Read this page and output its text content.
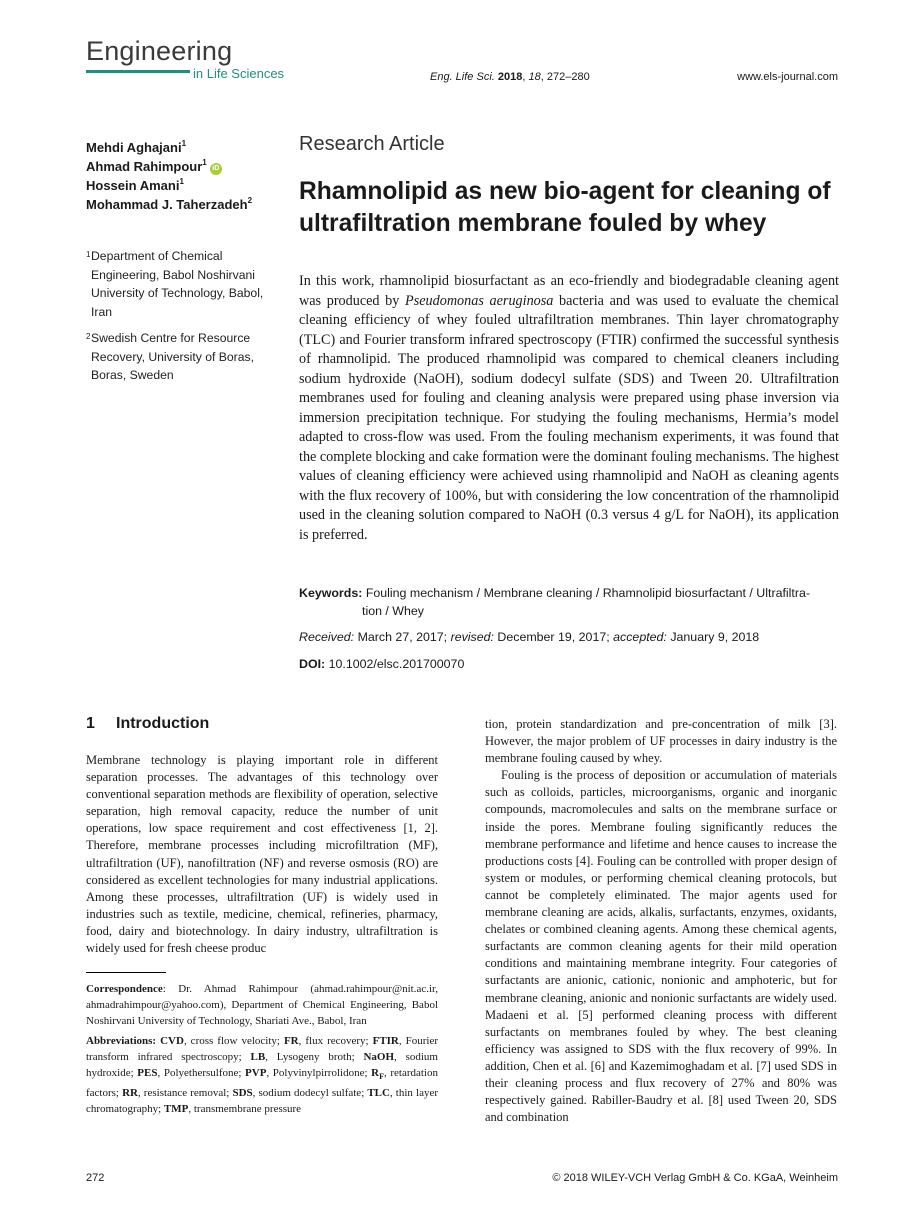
Engineering
in Life Sciences	Eng. Life Sci. 2018, 18, 272–280	www.els-journal.com
Mehdi Aghajani$^1$
Ahmad Rahimpour$^1$iD
Hossein Amani$^1$
Mohammad J. Taherzadeh$^2$
1 Department of Chemical Engineering, Babol Noshirvani University of Technology, Babol, Iran
2 Swedish Centre for Resource Recovery, University of Boras, Boras, Sweden
Research Article
Rhamnolipid as new bio-agent for cleaning of ultrafiltration membrane fouled by whey
In this work, rhamnolipid biosurfactant as an eco-friendly and biodegradable cleaning agent was produced by Pseudomonas aeruginosa bacteria and was used to evaluate the chemical cleaning efficiency of whey fouled ultrafiltration membranes. Thin layer chromatography (TLC) and Fourier transform infrared spectroscopy (FTIR) confirmed the successful synthesis of rhamnolipid. The produced rhamnolipid was compared to chemical cleaners including sodium hydroxide (NaOH), sodium dodecyl sulfate (SDS) and Tween 20. Ultrafiltration membranes used for fouling and cleaning analysis were prepared using phase inversion via immersion precipitation technique. For studying the fouling mechanisms, Hermia’s model adapted to cross-flow was used. From the fouling mechanism experiments, it was found that the complete blocking and cake formation were the dominant fouling mechanisms. The highest values of cleaning efficiency were achieved using rhamnolipid and NaOH as cleaning agents with the flux recovery of 100%, but with considering the low concentration of the rhamnolipid used in the cleaning solution compared to NaOH (0.3 versus 4 g/L for NaOH), its application is preferred.
Keywords: Fouling mechanism / Membrane cleaning / Rhamnolipid biosurfactant / Ultrafiltra-
tion / Whey
Received: March 27, 2017; revised: December 19, 2017; accepted: January 9, 2018
DOI: 10.1002/elsc.201700070
1 Introduction

Membrane technology is playing important role in different separation processes. The advantages of this technology over conventional separation methods are flexibility of operation, selective separation, high removal capacity, reduce the number of unit operations, low space requirement and cost effectiveness [1, 2]. Therefore, membrane processes including microfiltration (MF), ultrafiltration (UF), nanofiltration (NF) and reverse osmosis (RO) are considered as excellent technologies for many industrial applications. Among these processes, ultrafiltration (UF) is widely used in industries such as textile, medicine, chemical, refineries, pharmacy, food, dairy and biotechnology. In dairy industry, ultrafiltration is widely used for fresh cheese produc

tion, protein standardization and pre-concentration of milk [3]. However, the major problem of UF processes in dairy industry is the membrane fouling caused by whey.

Fouling is the process of deposition or accumulation of materials such as colloids, particles, microorganisms, organic and inorganic compounds, macromolecules and salts on the membrane surface or inside the pores. Membrane fouling significantly reduces the membrane performance and lifetime and hence causes to increase the productions costs [4]. Fouling can be controlled with proper design of system or modules, or performing chemical cleaning protocols, but cannot be completely eliminated. The major agents used for membrane cleaning are acids, alkalis, surfactants, enzymes, oxidants, chelates or combined cleaning agents. Among these chemical agents, surfactants are common cleaning agents for their mild operation conditions and maintaining membrane integrity. Four categories of surfactants are anionic, cationic, nonionic and amphoteric, but for membrane cleaning, anionic and nonionic surfactants are widely used. Madaeni et al. [5] performed cleaning process with different surfactants on membranes fouled by whey. The best cleaning efficiency was assigned to SDS with the flux recovery of 99%. In addition, Chen et al. [6] and Kazemimoghadam et al. [7] used SDS in their cleaning process and flux recovery of 27% and 80% was respectively gained. Rabiller-Baudry et al. [8] used Tween 20, SDS and combination

Correspondence: Dr. Ahmad Rahimpour (ahmad.rahimpour@nit.ac.ir, ahmadrahimpour@yahoo.com), Department of Chemical Engineering, Babol Noshirvani University of Technology, Shariati Ave., Babol, Iran

Abbreviations: CVD, cross flow velocity; FR, flux recovery; FTIR, Fourier transform infrared spectroscopy; LB, Lysogeny broth; NaOH, sodium hydroxide; PES, Polyethersulfone; PVP, Polyvinylpirrolidone; $R_F$, retardation factors; RR, resistance removal; SDS, sodium dodecyl sulfate; TLC, thin layer chromatography; TMP, transmembrane pressure

272	© 2018 WILEY-VCH Verlag GmbH & Co. KGaA, Weinheim
